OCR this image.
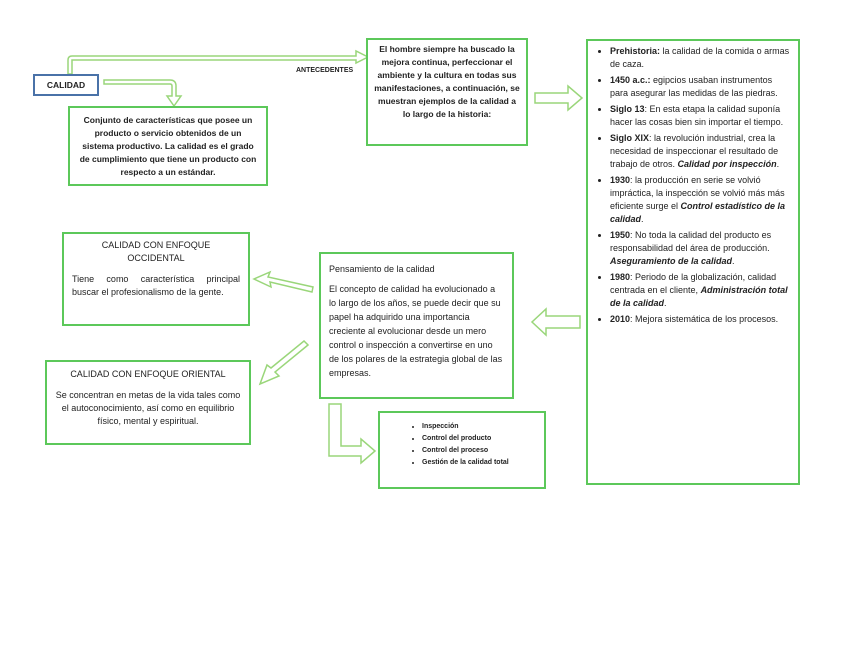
CALIDAD
ANTECEDENTES
Conjunto de características que posee un producto o servicio obtenidos de un sistema productivo. La calidad es el grado de cumplimiento que tiene un producto con respecto a un estándar.
El hombre siempre ha buscado la mejora continua, perfeccionar el ambiente y la cultura en todas sus manifestaciones, a continuación, se muestran ejemplos de la calidad a lo largo de la historia:
• Prehistoria: la calidad de la comida o armas de caza.
• 1450 a.c.: egipcios usaban instrumentos para asegurar las medidas de las piedras.
• Siglo 13: En esta etapa la calidad suponía hacer las cosas bien sin importar el tiempo.
• Siglo XIX: la revolución industrial, crea la necesidad de inspeccionar el resultado de trabajo de otros. Calidad por inspección.
• 1930: la producción en serie se volvió impráctica, la inspección se volvió más más eficiente surge el Control estadístico de la calidad.
• 1950: No toda la calidad del producto es responsabilidad del área de producción. Aseguramiento de la calidad.
• 1980: Periodo de la globalización, calidad centrada en el cliente, Administración total de la calidad.
• 2010: Mejora sistemática de los procesos.
Pensamiento de la calidad
El concepto de calidad ha evolucionado a lo largo de los años, se puede decir que su papel ha adquirido una importancia creciente al evolucionar desde un mero control o inspección a convertirse en uno de los polares de la estrategia global de las empresas.
CALIDAD CON ENFOQUE OCCIDENTAL
Tiene como característica principal buscar el profesionalismo de la gente.
CALIDAD CON ENFOQUE ORIENTAL
Se concentran en metas de la vida tales como el autoconocimiento, así como en equilibrio físico, mental y espiritual.
• Inspección
• Control del producto
• Control del proceso
• Gestión de la calidad total
